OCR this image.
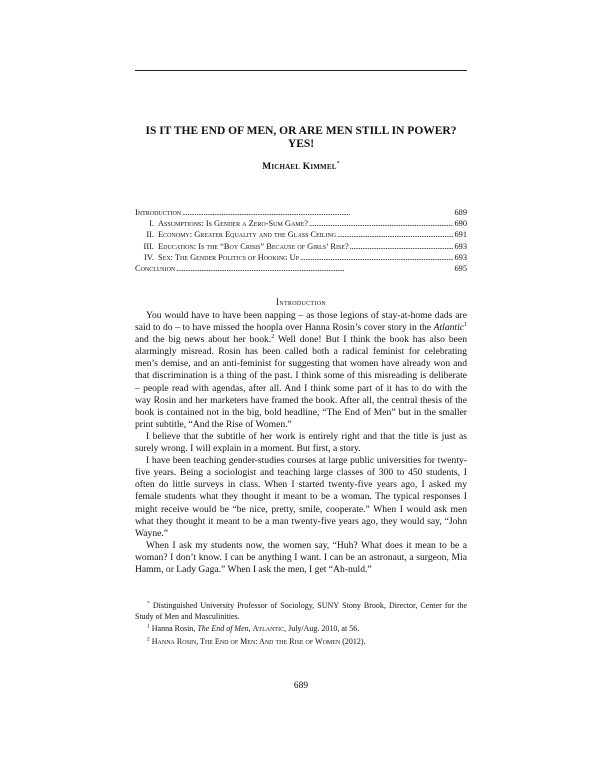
IS IT THE END OF MEN, OR ARE MEN STILL IN POWER?
YES!
Michael Kimmel*
Introduction . . .	689
I. Assumptions: Is Gender a Zero-Sum Game? . . .	690
II. Economy: Greater Equality and the Glass Ceiling . . .	691
III. Education: Is the “Boy Crisis” Because of Girls’ Rise? . . .	693
IV. Sex: The Gender Politics of Hooking Up . . .	693
Conclusion . . .	695
Introduction

You would have to have been napping – as those legions of stay-at-home dads are said to do – to have missed the hoopla over Hanna Rosin’s cover story in the Atlantic$^1$ and the big news about her book.$^2$ Well done! But I think the book has also been alarmingly misread. Rosin has been called both a radical feminist for celebrating men’s demise, and an anti-feminist for suggesting that women have already won and that discrimination is a thing of the past. I think some of this misreading is deliberate – people read with agendas, after all. And I think some part of it has to do with the way Rosin and her marketers have framed the book. After all, the central thesis of the book is contained not in the big, bold headline, “The End of Men” but in the smaller print subtitle, “And the Rise of Women.”

I believe that the subtitle of her work is entirely right and that the title is just as surely wrong. I will explain in a moment. But first, a story.

I have been teaching gender-studies courses at large public universities for twenty-five years. Being a sociologist and teaching large classes of 300 to 450 students, I often do little surveys in class. When I started twenty-five years ago, I asked my female students what they thought it meant to be a woman. The typical responses I might receive would be “be nice, pretty, smile, cooperate.” When I would ask men what they thought it meant to be a man twenty-five years ago, they would say, “John Wayne.”

When I ask my students now, the women say, “Huh? What does it mean to be a woman? I don’t know. I can be anything I want. I can be an astronaut, a surgeon, Mia Hamm, or Lady Gaga.” When I ask the men, I get “Ah-nuld.”

* Distinguished University Professor of Sociology, SUNY Stony Brook, Director, Center for the Study of Men and Masculinities.

$^1$ Hanna Rosin, The End of Men, Atlantic, July/Aug. 2010, at 56.

$^2$ Hanna Rosin, The End of Men: And the Rise of Women (2012).

689
